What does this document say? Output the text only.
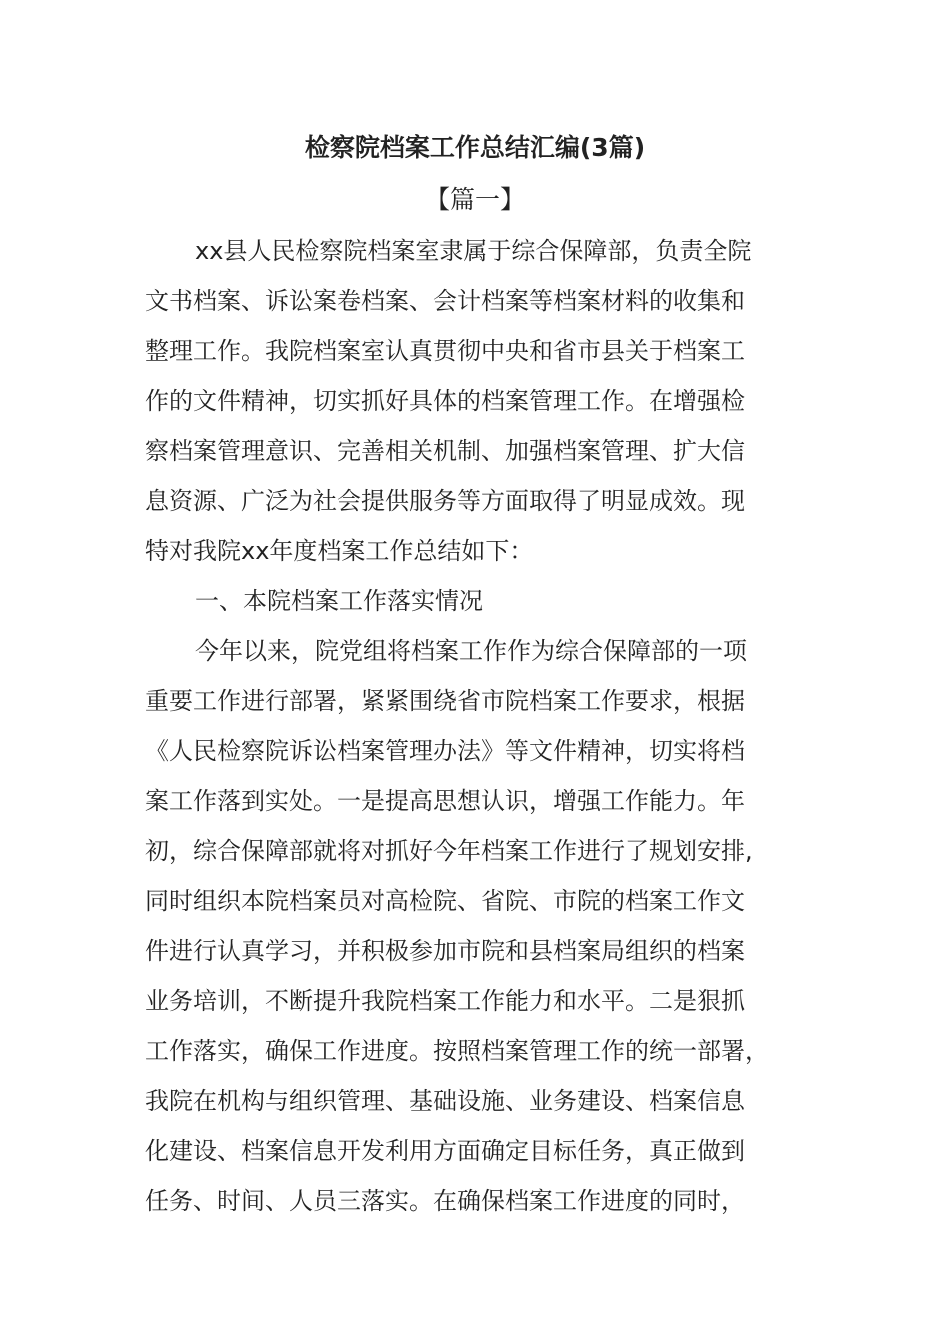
检察院档案工作总结汇编(3篇)
【篇一】

xx县人民检察院档案室隶属于综合保障部，负责全院

文书档案、诉讼案卷档案、会计档案等档案材料的收集和

整理工作。我院档案室认真贯彻中央和省市县关于档案工

作的文件精神，切实抓好具体的档案管理工作。在增强检

察档案管理意识、完善相关机制、加强档案管理、扩大信

息资源、广泛为社会提供服务等方面取得了明显成效。现

特对我院xx年度档案工作总结如下：

一、本院档案工作落实情况

今年以来，院党组将档案工作作为综合保障部的一项

重要工作进行部署，紧紧围绕省市院档案工作要求，根据

《人民检察院诉讼档案管理办法》等文件精神，切实将档

案工作落到实处。一是提高思想认识，增强工作能力。年

初，综合保障部就将对抓好今年档案工作进行了规划安排,

同时组织本院档案员对高检院、省院、市院的档案工作文

件进行认真学习，并积极参加市院和县档案局组织的档案

业务培训，不断提升我院档案工作能力和水平。二是狠抓

工作落实，确保工作进度。按照档案管理工作的统一部署，

我院在机构与组织管理、基础设施、业务建设、档案信息

化建设、档案信息开发利用方面确定目标任务，真正做到

任务、时间、人员三落实。在确保档案工作进度的同时，
